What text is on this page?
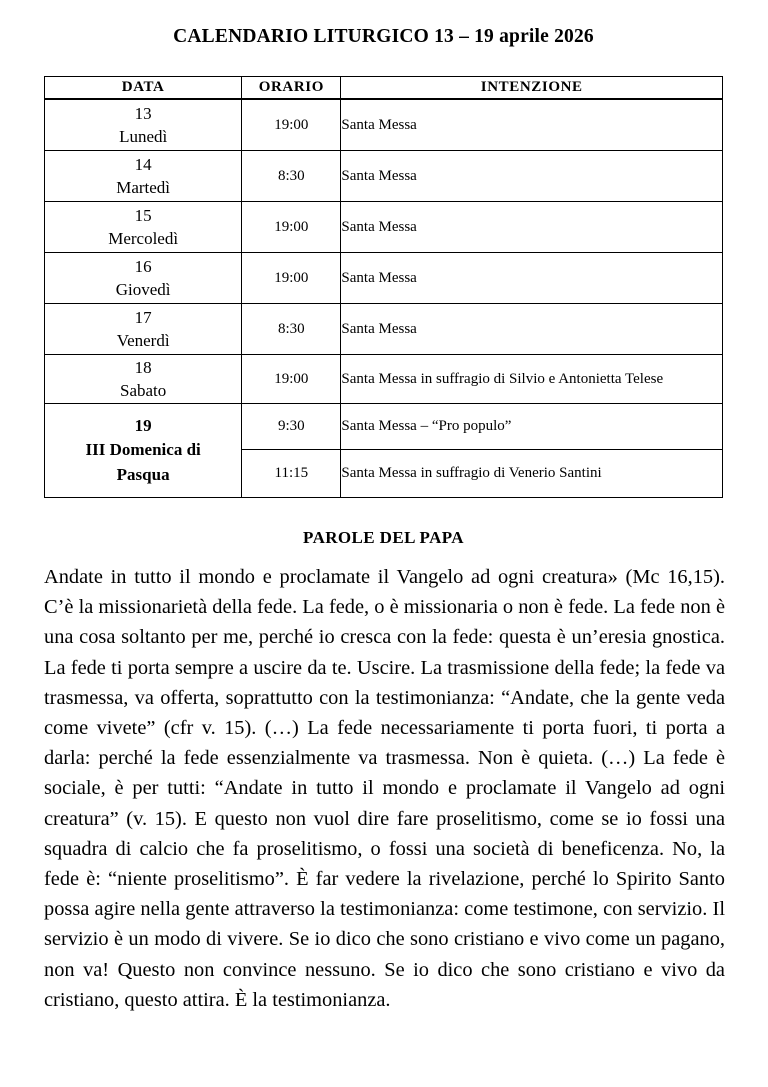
CALENDARIO LITURGICO 13 – 19 aprile 2026
DATA	ORARIO	INTENZIONE

13
Lunedì	19:00	Santa Messa

14
Martedì	8:30	Santa Messa

15
Mercoledì	19:00	Santa Messa

16
Giovedì	19:00	Santa Messa

17
Venerdì	8:30	Santa Messa

18
Sabato	19:00	Santa Messa in suffragio di Silvio e Antonietta Telese

19
III Domenica di
Pasqua	9:30	Santa Messa – “Pro populo”
	11:15	Santa Messa in suffragio di Venerio Santini
PAROLE DEL PAPA
Andate in tutto il mondo e proclamate il Vangelo ad ogni creatura» (Mc 16,15). C’è la missionarietà della fede. La fede, o è missionaria o non è fede. La fede non è una cosa soltanto per me, perché io cresca con la fede: questa è un’eresia gnostica. La fede ti porta sempre a uscire da te. Uscire. La trasmissione della fede; la fede va trasmessa, va offerta, soprattutto con la testimonianza: “Andate, che la gente veda come vivete” (cfr v. 15). (…) La fede necessariamente ti porta fuori, ti porta a darla: perché la fede essenzialmente va trasmessa. Non è quieta. (…) La fede è sociale, è per tutti: “Andate in tutto il mondo e proclamate il Vangelo ad ogni creatura” (v. 15). E questo non vuol dire fare proselitismo, come se io fossi una squadra di calcio che fa proselitismo, o fossi una società di beneficenza. No, la fede è: “niente proselitismo”. È far vedere la rivelazione, perché lo Spirito Santo possa agire nella gente attraverso la testimonianza: come testimone, con servizio. Il servizio è un modo di vivere. Se io dico che sono cristiano e vivo come un pagano, non va! Questo non convince nessuno. Se io dico che sono cristiano e vivo da cristiano, questo attira. È la testimonianza.
